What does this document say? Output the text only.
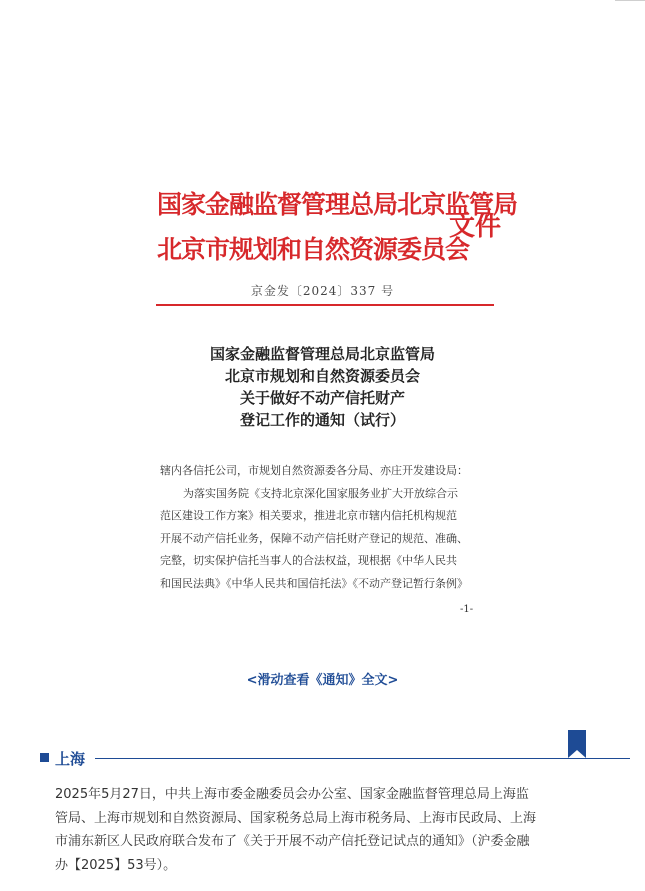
国家金融监督管理总局北京监管局
北京市规划和自然资源委员会
文件
京金发〔2024〕337 号
国家金融监督管理总局北京监管局
北京市规划和自然资源委员会
关于做好不动产信托财产
登记工作的通知（试行）
辖内各信托公司，市规划自然资源委各分局、亦庄开发建设局：
为落实国务院《支持北京深化国家服务业扩大开放综合示
范区建设工作方案》相关要求，推进北京市辖内信托机构规范
开展不动产信托业务，保障不动产信托财产登记的规范、准确、
完整，切实保护信托当事人的合法权益，现根据《中华人民共
和国民法典》《中华人民共和国信托法》《不动产登记暂行条例》
-1-
<滑动查看《通知》全文>
上海
2025年5月27日，中共上海市委金融委员会办公室、国家金融监督管理总局上海监
管局、上海市规划和自然资源局、国家税务总局上海市税务局、上海市民政局、上海
市浦东新区人民政府联合发布了《关于开展不动产信托登记试点的通知》（沪委金融
办【2025】53号）。
